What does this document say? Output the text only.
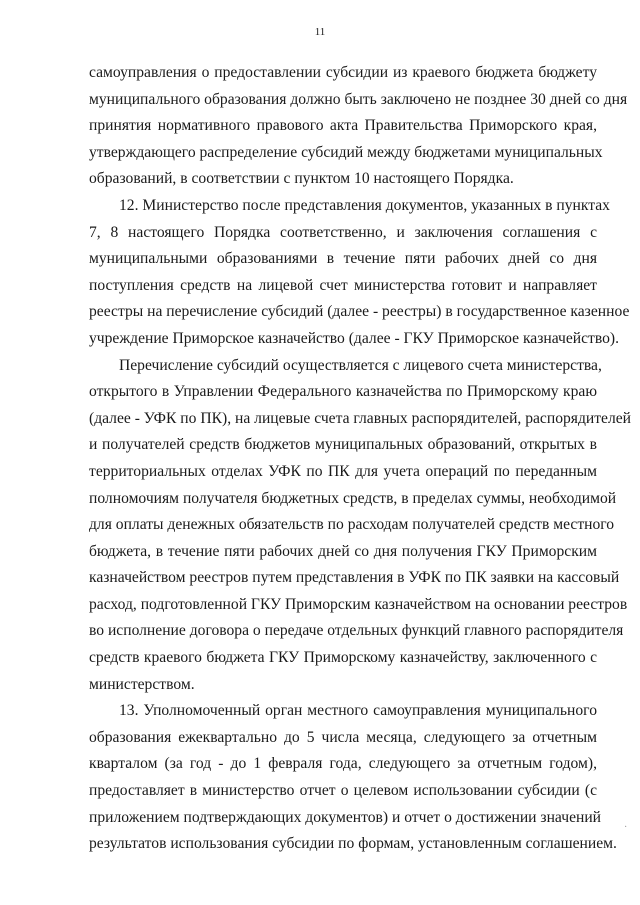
11

самоуправления о предоставлении субсидии из краевого бюджета бюджету
муниципального образования должно быть заключено не позднее 30 дней со дня
принятия нормативного правового акта Правительства Приморского края,
утверждающего распределение субсидий между бюджетами муниципальных
образований, в соответствии с пунктом 10 настоящего Порядка.

12. Министерство после представления документов, указанных в пунктах
7, 8 настоящего Порядка соответственно, и заключения соглашения с
муниципальными образованиями в течение пяти рабочих дней со дня
поступления средств на лицевой счет министерства готовит и направляет
реестры на перечисление субсидий (далее - реестры) в государственное казенное
учреждение Приморское казначейство (далее - ГКУ Приморское казначейство).

Перечисление субсидий осуществляется с лицевого счета министерства,
открытого в Управлении Федерального казначейства по Приморскому краю
(далее - УФК по ПК), на лицевые счета главных распорядителей, распорядителей
и получателей средств бюджетов муниципальных образований, открытых в
территориальных отделах УФК по ПК для учета операций по переданным
полномочиям получателя бюджетных средств, в пределах суммы, необходимой
для оплаты денежных обязательств по расходам получателей средств местного
бюджета, в течение пяти рабочих дней со дня получения ГКУ Приморским
казначейством реестров путем представления в УФК по ПК заявки на кассовый
расход, подготовленной ГКУ Приморским казначейством на основании реестров
во исполнение договора о передаче отдельных функций главного распорядителя
средств краевого бюджета ГКУ Приморскому казначейству, заключенного с
министерством.

13. Уполномоченный орган местного самоуправления муниципального
образования ежеквартально до 5 числа месяца, следующего за отчетным
кварталом (за год - до 1 февраля года, следующего за отчетным годом),
предоставляет в министерство отчет о целевом использовании субсидии (с
приложением подтверждающих документов) и отчет о достижении значений
результатов использования субсидии по формам, установленным соглашением.

·
